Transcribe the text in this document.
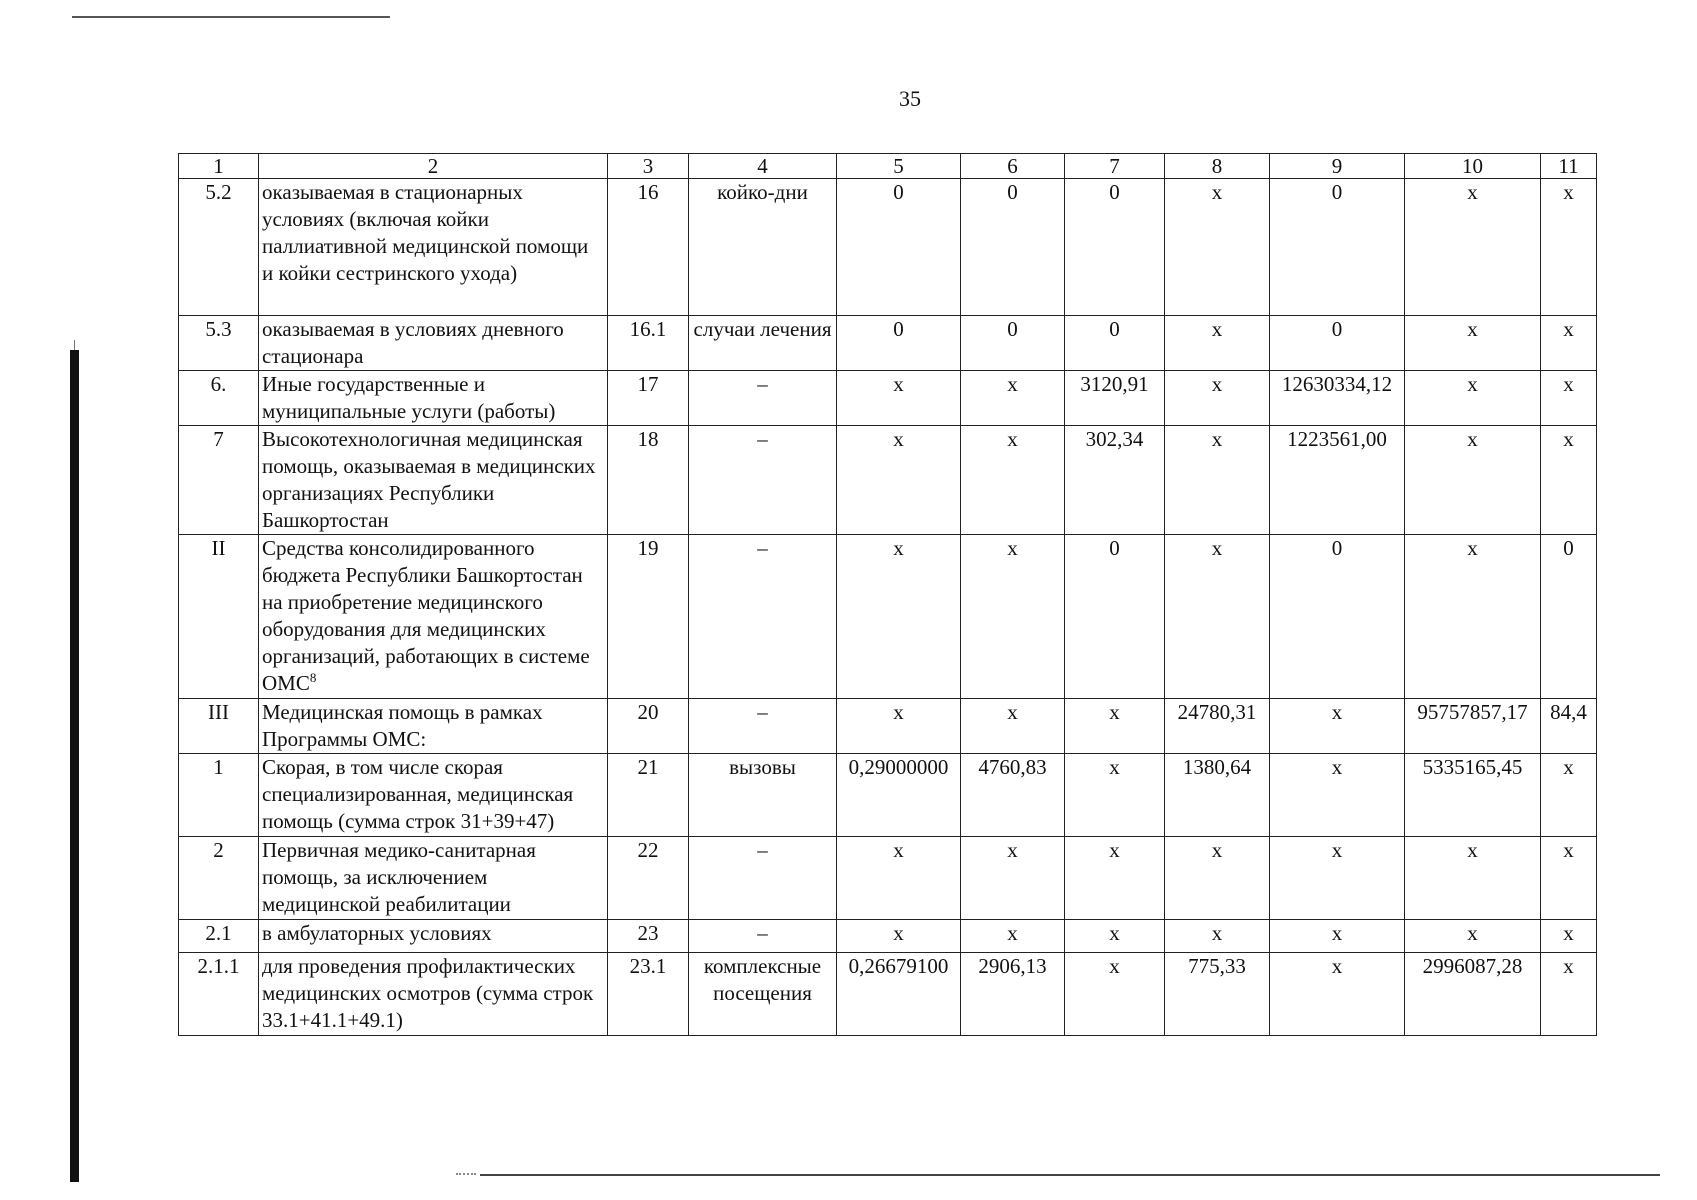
35
1	2	3	4	5	6	7	8	9	10	11
5.2	оказываемая в стационарных условиях (включая койки паллиативной медицинской помощи и койки сестринского ухода)	16	койко-дни	0	0	0	x	0	x	x
5.3	оказываемая в условиях дневного стационара	16.1	случаи лечения	0	0	0	x	0	x	x
6.	Иные государственные и муниципальные услуги (работы)	17	–	x	x	3120,91	x	12630334,12	x	x
7	Высокотехнологичная медицинская помощь, оказываемая в медицинских организациях Республики Башкортостан	18	–	x	x	302,34	x	1223561,00	x	x
II	Средства консолидированного бюджета Республики Башкортостан на приобретение медицинского оборудования для медицинских организаций, работающих в системе ОМС$^8$	19	–	x	x	0	x	0	x	0
III	Медицинская помощь в рамках Программы ОМС:	20	–	x	x	x	24780,31	x	95757857,17	84,4
1	Скорая, в том числе скорая специализированная, медицинская помощь (сумма строк 31+39+47)	21	вызовы	0,29000000	4760,83	x	1380,64	x	5335165,45	x
2	Первичная медико-санитарная помощь, за исключением медицинской реабилитации	22	–	x	x	x	x	x	x	x
2.1	в амбулаторных условиях	23	–	x	x	x	x	x	x	x
2.1.1	для проведения профилактических медицинских осмотров (сумма строк 33.1+41.1+49.1)	23.1	комплексные посещения	0,26679100	2906,13	x	775,33	x	2996087,28	x
